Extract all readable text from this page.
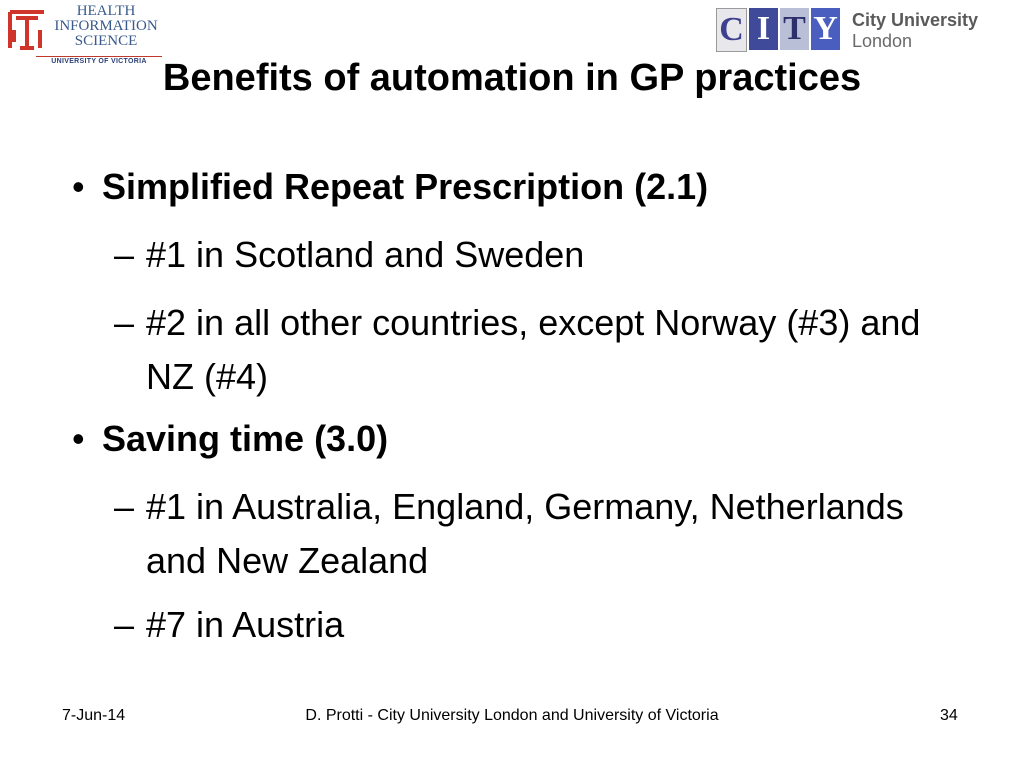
HEALTH
INFORMATION
SCIENCE
UNIVERSITY OF VICTORIA
C I T Y City University
London
Benefits of automation in GP practices
• Simplified Repeat Prescription (2.1)
– #1 in Scotland and Sweden
– #2 in all other countries, except Norway (#3) and NZ (#4)
• Saving time (3.0)
– #1 in Australia, England, Germany, Netherlands and New Zealand
– #7 in Austria
7-Jun-14	D. Protti - City University London and University of Victoria	34
